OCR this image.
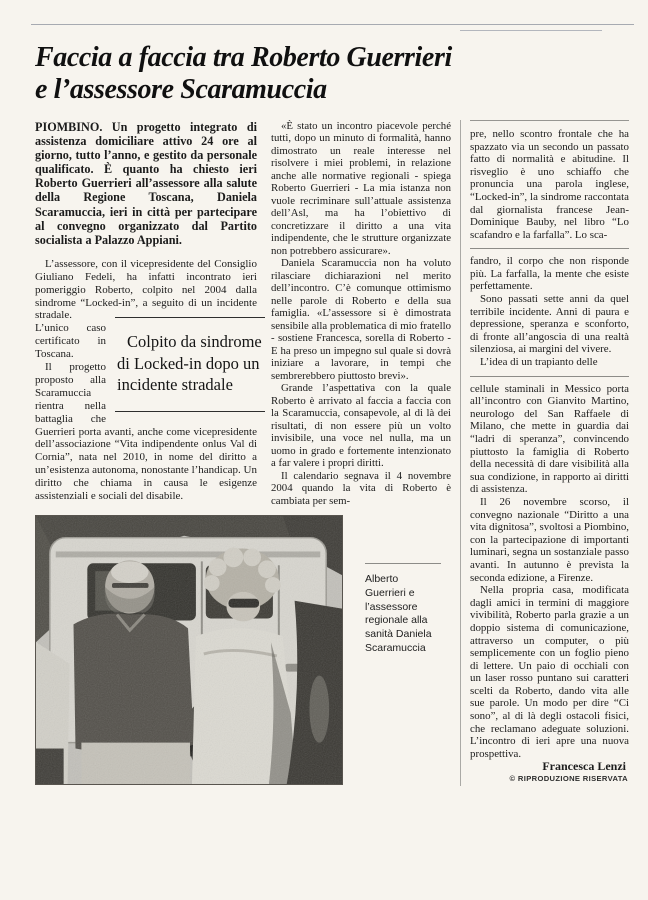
Faccia a faccia tra Roberto Guerrieri
e l’assessore Scaramuccia

PIOMBINO. Un progetto integrato di assistenza domiciliare attivo 24 ore al giorno, tutto l’anno, e gestito da personale qualificato. È quanto ha chiesto ieri Roberto Guerrieri all’assessore alla salute della Regione Toscana, Daniela Scaramuccia, ieri in città per partecipare al convegno organizzato dal Partito socialista a Palazzo Appiani.

L’assessore, con il vicepresidente del Consiglio Giuliano Fedeli, ha infatti incontrato ieri pomeriggio Roberto, colpito nel 2004 dalla sindrome “Locked-in”, a seguito di un incidente
Colpito da sindrome di Locked-in dopo un incidente stradale
stradale. L’unico caso certificato in Toscana.

Il progetto proposto alla Scaramuccia rientra nella battaglia che Guerrieri porta avanti, anche come vicepresidente dell’associazione “Vita indipendente onlus Val di Cornia”, nata nel 2010, in nome del diritto a un’esistenza autonoma, nonostante l’handicap. Un diritto che chiama in causa le esigenze assistenziali e sociali del disabile.

«È stato un incontro piacevole perché tutti, dopo un minuto di formalità, hanno dimostrato un reale interesse nel risolvere i miei problemi, in relazione anche alle normative regionali - spiega Roberto Guerrieri - La mia istanza non vuole recriminare sull’attuale assistenza dell’Asl, ma ha l’obiettivo di concretizzare il diritto a una vita indipendente, che le strutture organizzate non potrebbero assicurare».

Daniela Scaramuccia non ha voluto rilasciare dichiarazioni nel merito dell’incontro. C’è comunque ottimismo nelle parole di Roberto e della sua famiglia. «L’assessore si è dimostrata sensibile alla problematica di mio fratello - sostiene Francesca, sorella di Roberto - E ha preso un impegno sul quale si dovrà iniziare a lavorare, in tempi che sembrerebbero piuttosto brevi».

Grande l’aspettativa con la quale Roberto è arrivato al faccia a faccia con la Scaramuccia, consapevole, al di là dei risultati, di non essere più un volto invisibile, una voce nel nulla, ma un uomo in grado e fortemente intenzionato a far valere i propri diritti.

Il calendario segnava il 4 novembre 2004 quando la vita di Roberto è cambiata per sem-

Alberto Guerrieri e l’assessore regionale alla sanità Daniela Scaramuccia

pre, nello scontro frontale che ha spazzato via un secondo un passato fatto di normalità e abitudine. Il risveglio è uno schiaffo che pronuncia una parola inglese, “Locked-in”, la sindrome raccontata dal giornalista francese Jean-Dominique Bauby, nel libro “Lo scafandro e la farfalla”. Lo sca-

fandro, il corpo che non risponde più. La farfalla, la mente che esiste perfettamente.

Sono passati sette anni da quel terribile incidente. Anni di paura e depressione, speranza e sconforto, di fronte all’angoscia di una realtà silenziosa, ai margini del vivere.

L’idea di un trapianto delle

cellule staminali in Messico porta all’incontro con Gianvito Martino, neurologo del San Raffaele di Milano, che mette in guardia dai “ladri di speranza”, convincendo piuttosto la famiglia di Roberto della necessità di dare visibilità alla sua condizione, in rapporto ai diritti di assistenza.

Il 26 novembre scorso, il convegno nazionale “Diritto a una vita dignitosa”, svoltosi a Piombino, con la partecipazione di importanti luminari, segna un sostanziale passo avanti. In autunno è prevista la seconda edizione, a Firenze.

Nella propria casa, modificata dagli amici in termini di maggiore vivibilità, Roberto parla grazie a un doppio sistema di comunicazione, attraverso un computer, o più semplicemente con un foglio pieno di lettere. Un paio di occhiali con un laser rosso puntano sui caratteri scelti da Roberto, dando vita alle sue parole. Un modo per dire “Ci sono”, al di là degli ostacoli fisici, che reclamano adeguate soluzioni. L’incontro di ieri apre una nuova prospettiva.

Francesca Lenzi

© RIPRODUZIONE RISERVATA
